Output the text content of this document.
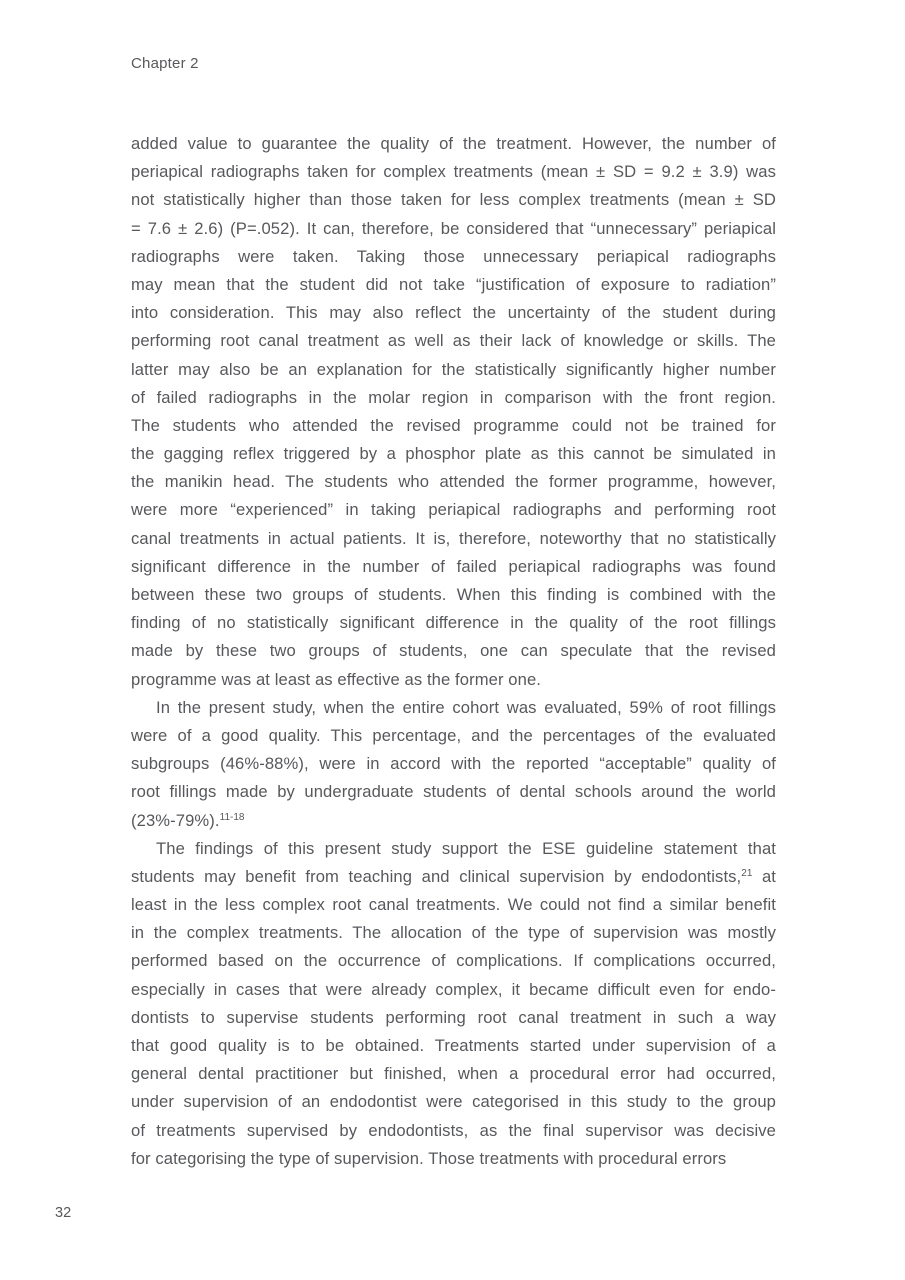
Chapter 2
added value to guarantee the quality of the treatment. However, the number of
periapical radiographs taken for complex treatments (mean ± SD = 9.2 ± 3.9) was
not statistically higher than those taken for less complex treatments (mean ± SD
= 7.6 ± 2.6) (P=.052). It can, therefore, be considered that “unnecessary” periapical
radiographs were taken. Taking those unnecessary periapical radiographs
may mean that the student did not take “justification of exposure to radiation”
into consideration. This may also reflect the uncertainty of the student during
performing root canal treatment as well as their lack of knowledge or skills. The
latter may also be an explanation for the statistically significantly higher number
of failed radiographs in the molar region in comparison with the front region.
The students who attended the revised programme could not be trained for
the gagging reflex triggered by a phosphor plate as this cannot be simulated in
the manikin head. The students who attended the former programme, however,
were more “experienced” in taking periapical radiographs and performing root
canal treatments in actual patients. It is, therefore, noteworthy that no statistically
significant difference in the number of failed periapical radiographs was found
between these two groups of students. When this finding is combined with the
finding of no statistically significant difference in the quality of the root fillings
made by these two groups of students, one can speculate that the revised
programme was at least as effective as the former one.
In the present study, when the entire cohort was evaluated, 59% of root fillings
were of a good quality. This percentage, and the percentages of the evaluated
subgroups (46%-88%), were in accord with the reported “acceptable” quality of
root fillings made by undergraduate students of dental schools around the world
(23%-79%).$^{11-18}$
The findings of this present study support the ESE guideline statement that
students may benefit from teaching and clinical supervision by endodontists,$^{21}$ at
least in the less complex root canal treatments. We could not find a similar benefit
in the complex treatments. The allocation of the type of supervision was mostly
performed based on the occurrence of complications. If complications occurred,
especially in cases that were already complex, it became difficult even for endo-
dontists to supervise students performing root canal treatment in such a way
that good quality is to be obtained. Treatments started under supervision of a
general dental practitioner but finished, when a procedural error had occurred,
under supervision of an endodontist were categorised in this study to the group
of treatments supervised by endodontists, as the final supervisor was decisive
for categorising the type of supervision. Those treatments with procedural errors
32
